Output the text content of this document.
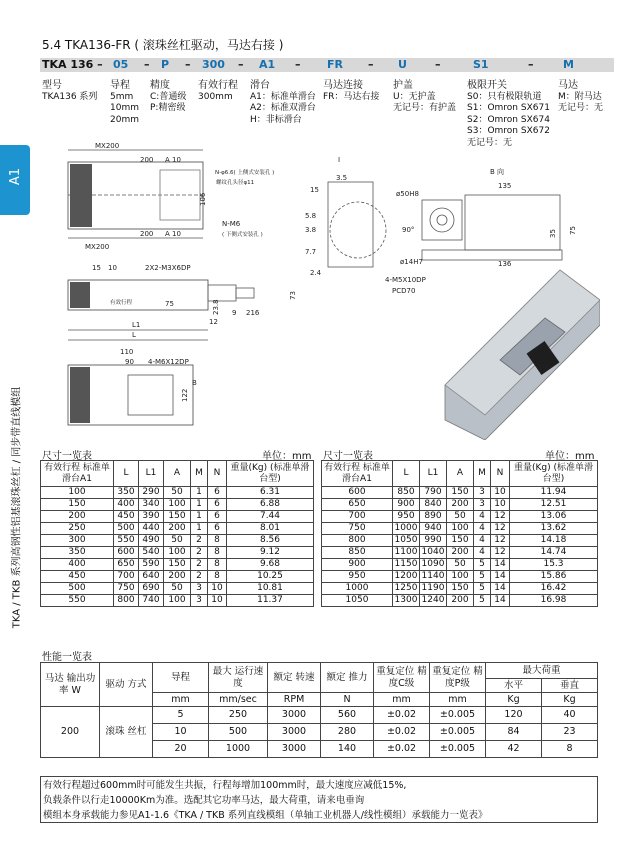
5.4 TKA136-FR ( 滚珠丝杠驱动，马达右接 )
A1
TKA / TKB 系列高钢性铝基滚珠丝杠 / 同步带直线模组
TKA 136 – 05 – P – 300 – A1 – FR – U	–	S1	–	M
型号
TKA136 系列
导程
5mm
10mm
20mm
精度
C:普通级
P:精密级
有效行程
300mm
滑台
A1：标准单滑台
A2：标准双滑台
H：非标滑台
马达连接
FR：马达右接
护盖
U：无护盖
无记号：有护盖
极限开关
S0：只有极限轨道
S1：Omron SX671
S2：Omron SX674
S3：Omron SX672
无记号：无
马达
M：附马达
无记号：无
MX200
200 A 10
N-φ6.6( 上侧式安装孔 )
螺纹孔头径φ11
106
N-M6
( 下侧式安装孔 )
200 A 10
MX200
15 10	2X2-M3X6DP
有效行程	75
L1
L
23.8
12
9 216
73
110
90 4-M6X12DP
122
B
I
3.5
15
5.8
3.8
7.7
2.4
B 向
135
136
75
35
ø50H8
90°
ø14H7
4-M5X10DP
PCD70
尺寸一览表	单位：mm 尺寸一览表	单位：mm
有效行程 标准单滑台A1	L	L1	A	M	N	重量(Kg) (标准单滑台型)
100	350	290	50	1	6	6.31
150	400	340	100	1	6	6.88
200	450	390	150	1	6	7.44
250	500	440	200	1	6	8.01
300	550	490	50	2	8	8.56
350	600	540	100	2	8	9.12
400	650	590	150	2	8	9.68
450	700	640	200	2	8	10.25
500	750	690	50	3	10	10.81
550	800	740	100	3	10	11.37
有效行程 标准单滑台A1	L	L1	A	M	N	重量(Kg) (标准单滑台型)
600	850	790	150	3	10	11.94
650	900	840	200	3	10	12.51
700	950	890	50	4	12	13.06
750	1000	940	100	4	12	13.62
800	1050	990	150	4	12	14.18
850	1100	1040	200	4	12	14.74
900	1150	1090	50	5	14	15.3
950	1200	1140	100	5	14	15.86
1000	1250	1190	150	5	14	16.42
1050	1300	1240	200	5	14	16.98
性能一览表
马达 输出功率 W	驱动 方式	导程	最大 运行速度	额定 转速	额定 推力	重复定位 精度C级	重复定位 精度P级	最大荷重	
								水平	垂直
		mm	mm/sec	RPM	N	mm	mm	Kg	Kg
200	滚珠 丝杠	5	250	3000	560	±0.02	±0.005	120	40
		10	500	3000	280	±0.02	±0.005	84	23
		20	1000	3000	140	±0.02	±0.005	42	8
有效行程超过600mm时可能发生共振，行程每增加100mm时，最大速度应减低15%,
负载条件以行走10000Km为准。选配其它功率马达，最大荷重，请来电垂询
模组本身承载能力参见A1-1.6《TKA / TKB 系列直线模组（单轴工业机器人/线性模组）承载能力一览表》
